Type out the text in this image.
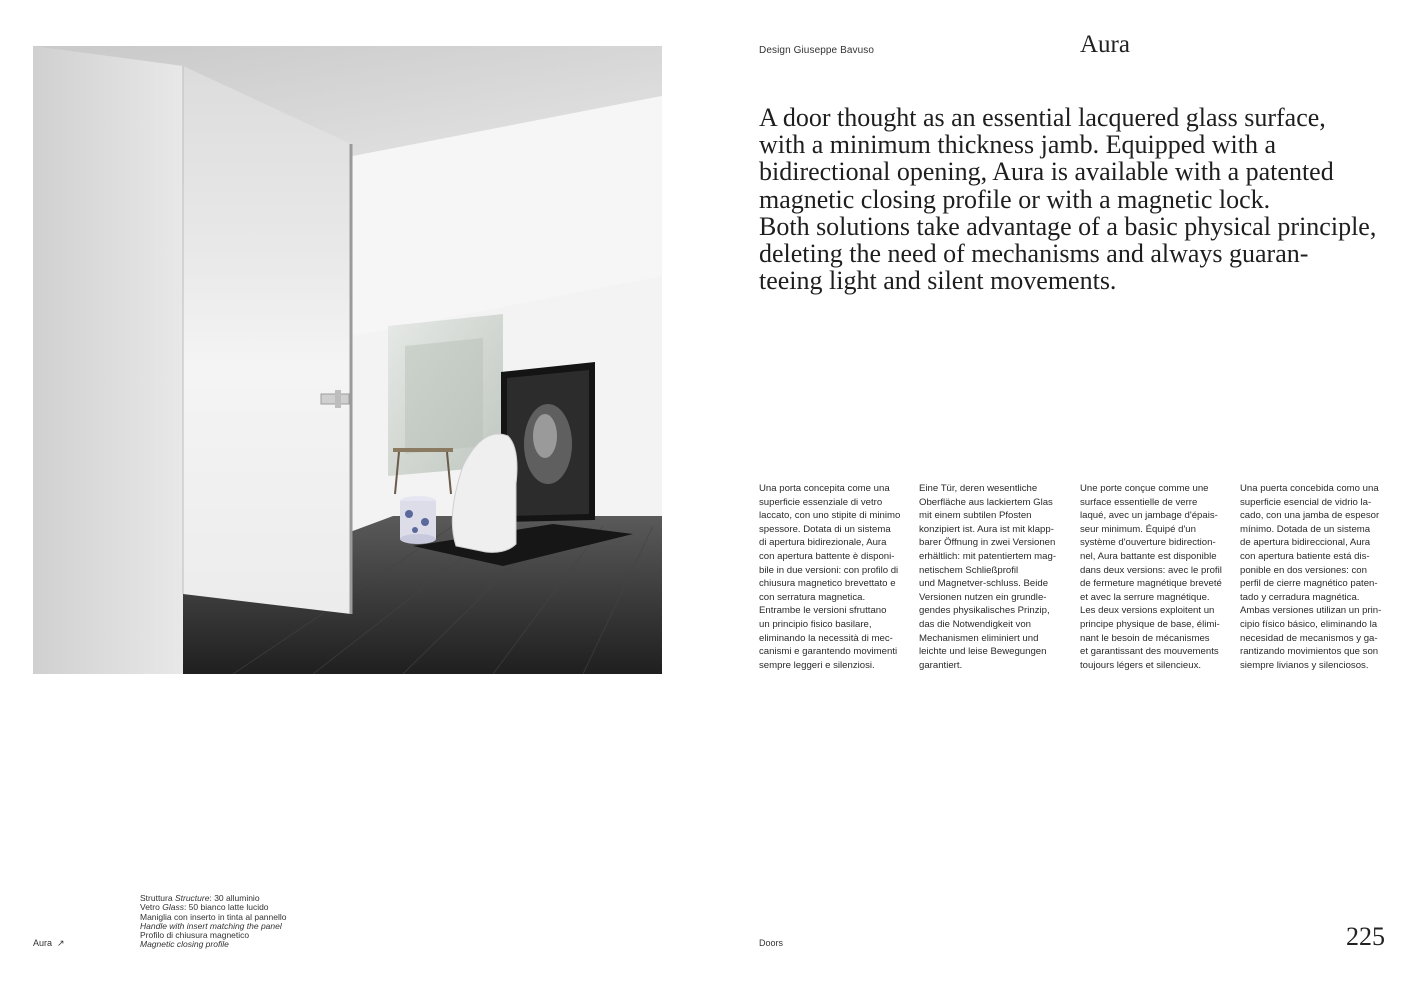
Design Giuseppe Bavuso	Aura
A door thought as an essential lacquered glass surface,
with a minimum thickness jamb. Equipped with a
bidirectional opening, Aura is available with a patented
magnetic closing profile or with a magnetic lock.
Both solutions take advantage of a basic physical principle,
deleting the need of mechanisms and always guaran-
teeing light and silent movements.
Una porta concepita come una
superficie essenziale di vetro
laccato, con uno stipite di minimo
spessore. Dotata di un sistema
di apertura bidirezionale, Aura
con apertura battente è disponi-
bile in due versioni: con profilo di
chiusura magnetico brevettato e
con serratura magnetica.
Entrambe le versioni sfruttano
un principio fisico basilare,
eliminando la necessità di mec-
canismi e garantendo movimenti
sempre leggeri e silenziosi.
Eine Tür, deren wesentliche
Oberfläche aus lackiertem Glas
mit einem subtilen Pfosten
konzipiert ist. Aura ist mit klapp-
barer Öffnung in zwei Versionen
erhältlich: mit patentiertem mag-
netischem Schließprofil
und Magnetver-schluss. Beide
Versionen nutzen ein grundle-
gendes physikalisches Prinzip,
das die Notwendigkeit von
Mechanismen eliminiert und
leichte und leise Bewegungen
garantiert.
Une porte conçue comme une
surface essentielle de verre
laqué, avec un jambage d'épais-
seur minimum. Équipé d'un
système d'ouverture bidirection-
nel, Aura battante est disponible
dans deux versions: avec le profil
de fermeture magnétique breveté
et avec la serrure magnétique.
Les deux versions exploitent un
principe physique de base, élimi-
nant le besoin de mécanismes
et garantissant des mouvements
toujours légers et silencieux.
Una puerta concebida como una
superficie esencial de vidrio la-
cado, con una jamba de espesor
mínimo. Dotada de un sistema
de apertura bidireccional, Aura
con apertura batiente está dis-
ponible en dos versiones: con
perfil de cierre magnético paten-
tado y cerradura magnética.
Ambas versiones utilizan un prin-
cipio físico básico, eliminando la
necesidad de mecanismos y ga-
rantizando movimientos que son
siempre livianos y silenciosos.
Struttura Structure: 30 alluminio
Vetro Glass: 50 bianco latte lucido
Maniglia con inserto in tinta al pannello
Handle with insert matching the panel
Profilo di chiusura magnetico
Magnetic closing profile
Aura ↗	Doors	225
